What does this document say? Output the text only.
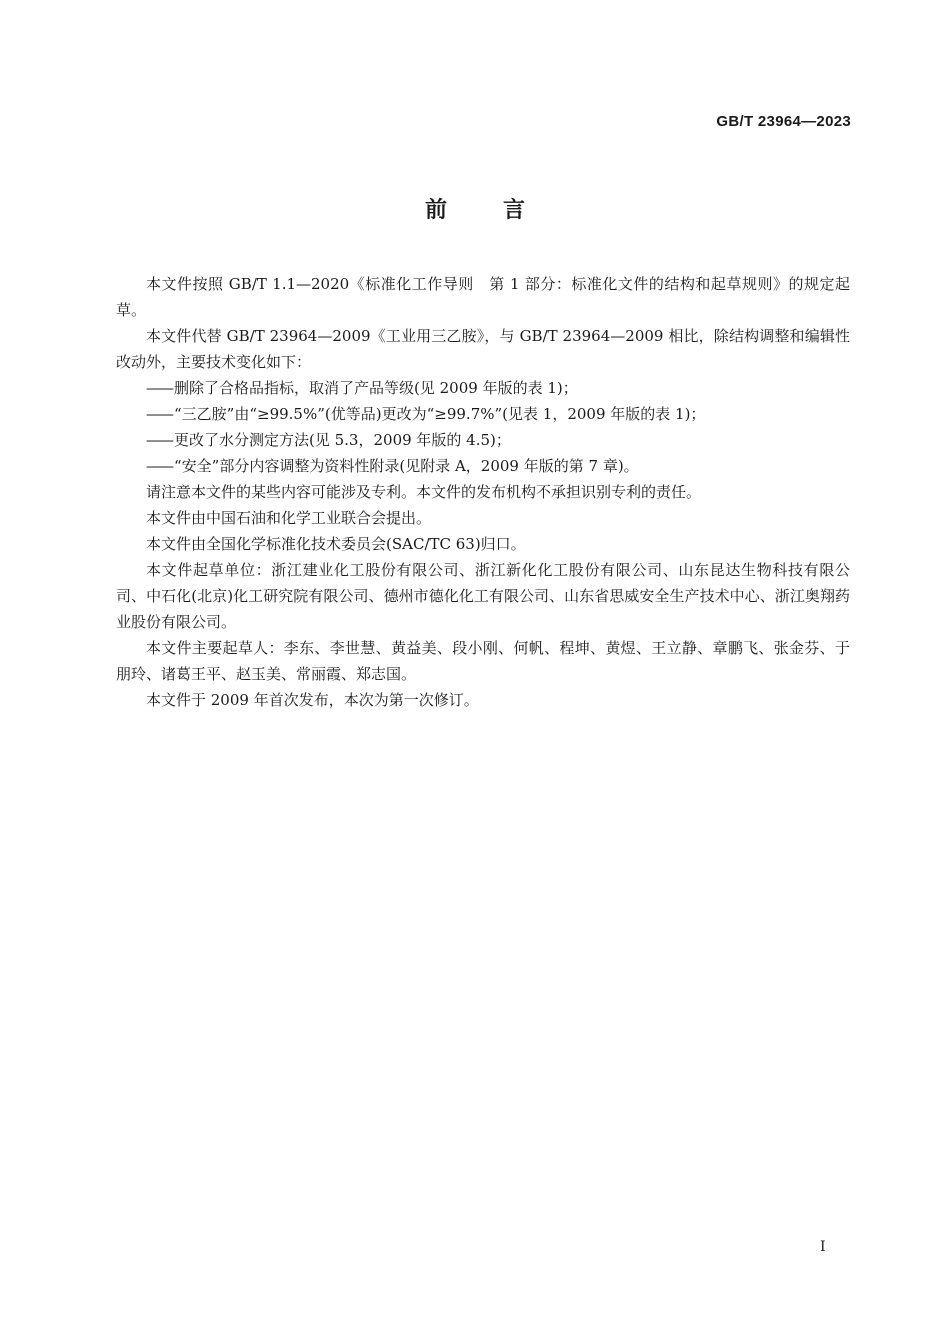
GB/T 23964—2023
前	言

本文件按照 GB/T 1.1—2020《标准化工作导则　第 1 部分：标准化文件的结构和起草规则》的规定起草。

本文件代替 GB/T 23964—2009《工业用三乙胺》，与 GB/T 23964—2009 相比，除结构调整和编辑性改动外，主要技术变化如下：

—— 删除了合格品指标，取消了产品等级(见 2009 年版的表 1)；

—— “三乙胺”由“≥99.5%”(优等品)更改为“≥99.7%”(见表 1，2009 年版的表 1)；

—— 更改了水分测定方法(见 5.3，2009 年版的 4.5)；

—— “安全”部分内容调整为资料性附录(见附录 A，2009 年版的第 7 章)。

请注意本文件的某些内容可能涉及专利。本文件的发布机构不承担识别专利的责任。

本文件由中国石油和化学工业联合会提出。

本文件由全国化学标准化技术委员会(SAC/TC 63)归口。

本文件起草单位：浙江建业化工股份有限公司、浙江新化化工股份有限公司、山东昆达生物科技有限公司、中石化(北京)化工研究院有限公司、德州市德化化工有限公司、山东省思威安全生产技术中心、浙江奥翔药业股份有限公司。

本文件主要起草人：李东、李世慧、黄益美、段小刚、何帆、程坤、黄煜、王立静、章鹏飞、张金芬、于朋玲、诸葛王平、赵玉美、常丽霞、郑志国。

本文件于 2009 年首次发布，本次为第一次修订。

I
